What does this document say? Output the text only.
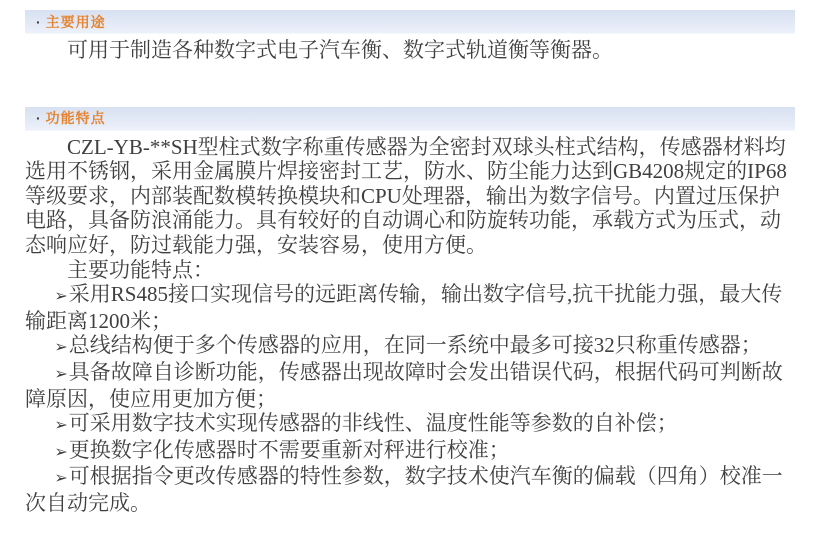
· 主要用途

可用于制造各种数字式电子汽车衡、数字式轨道衡等衡器。

· 功能特点

CZL-YB-**SH型柱式数字称重传感器为全密封双球头柱式结构，传感器材料均选用不锈钢，采用金属膜片焊接密封工艺，防水、防尘能力达到GB4208规定的IP68等级要求，内部装配数模转换模块和CPU处理器，输出为数字信号。内置过压保护电路，具备防浪涌能力。具有较好的自动调心和防旋转功能，承载方式为压式，动态响应好，防过载能力强，安装容易，使用方便。

主要功能特点：

➢采用RS485接口实现信号的远距离传输，输出数字信号,抗干扰能力强，最大传输距离1200米；

➢总线结构便于多个传感器的应用，在同一系统中最多可接32只称重传感器；

➢具备故障自诊断功能，传感器出现故障时会发出错误代码，根据代码可判断故障原因，使应用更加方便；

➢可采用数字技术实现传感器的非线性、温度性能等参数的自补偿；

➢更换数字化传感器时不需要重新对秤进行校准；

➢可根据指令更改传感器的特性参数，数字技术使汽车衡的偏载（四角）校准一次自动完成。
